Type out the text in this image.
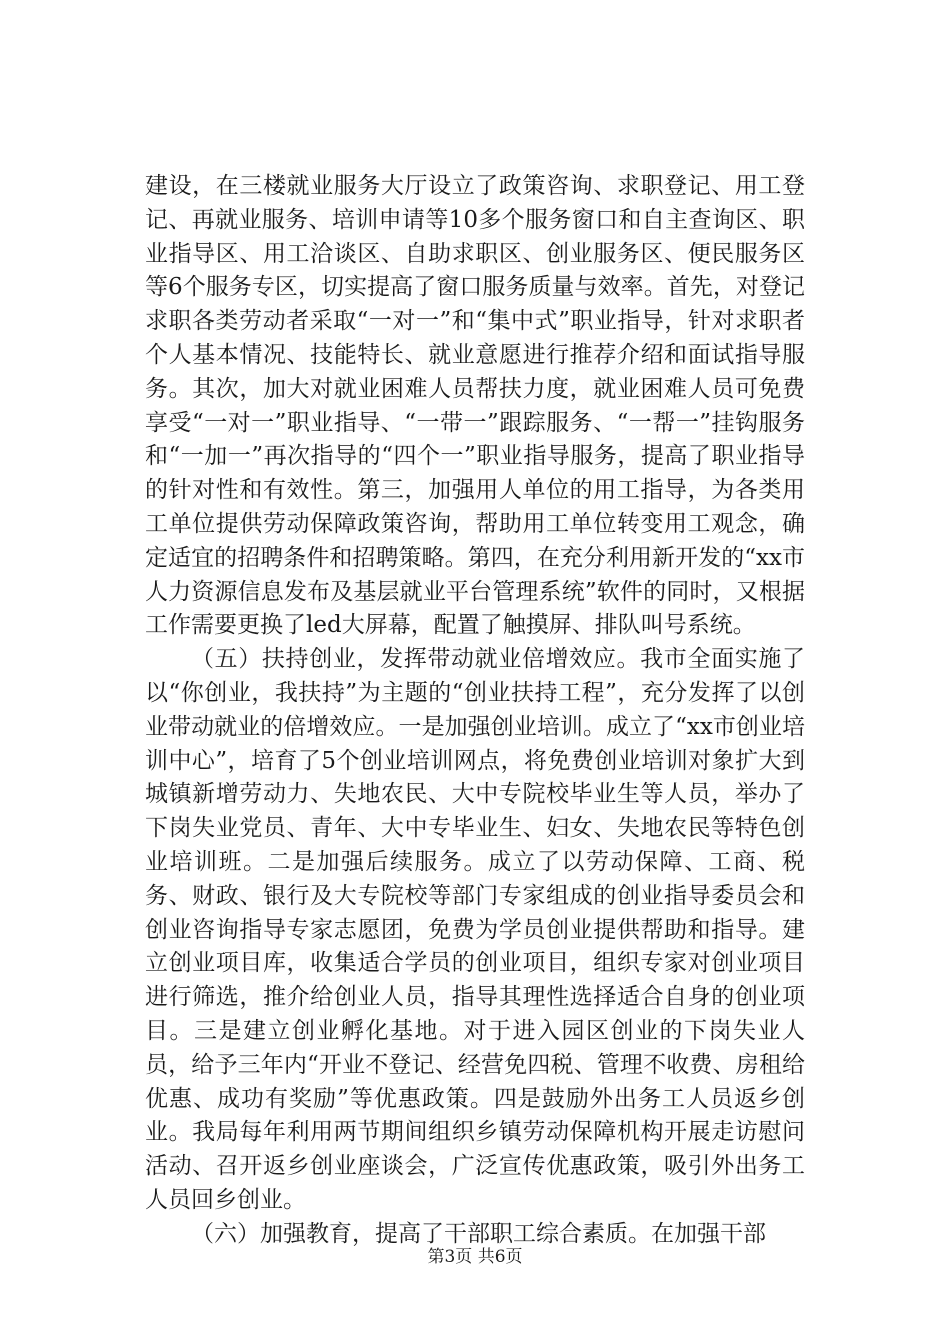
建设，在三楼就业服务大厅设立了政策咨询、求职登记、用工登记、再就业服务、培训申请等10多个服务窗口和自主查询区、职业指导区、用工洽谈区、自助求职区、创业服务区、便民服务区等6个服务专区，切实提高了窗口服务质量与效率。首先，对登记求职各类劳动者采取“一对一”和“集中式”职业指导，针对求职者个人基本情况、技能特长、就业意愿进行推荐介绍和面试指导服务。其次，加大对就业困难人员帮扶力度，就业困难人员可免费享受“一对一”职业指导、“一带一”跟踪服务、“一帮一”挂钩服务和“一加一”再次指导的“四个一”职业指导服务，提高了职业指导的针对性和有效性。第三，加强用人单位的用工指导，为各类用工单位提供劳动保障政策咨询，帮助用工单位转变用工观念，确定适宜的招聘条件和招聘策略。第四，在充分利用新开发的“xx市人力资源信息发布及基层就业平台管理系统”软件的同时，又根据工作需要更换了led大屏幕，配置了触摸屏、排队叫号系统。

（五）扶持创业，发挥带动就业倍增效应。我市全面实施了以“你创业，我扶持”为主题的“创业扶持工程”，充分发挥了以创业带动就业的倍增效应。一是加强创业培训。成立了“xx市创业培训中心”，培育了5个创业培训网点，将免费创业培训对象扩大到城镇新增劳动力、失地农民、大中专院校毕业生等人员，举办了下岗失业党员、青年、大中专毕业生、妇女、失地农民等特色创业培训班。二是加强后续服务。成立了以劳动保障、工商、税务、财政、银行及大专院校等部门专家组成的创业指导委员会和创业咨询指导专家志愿团，免费为学员创业提供帮助和指导。建立创业项目库，收集适合学员的创业项目，组织专家对创业项目进行筛选，推介给创业人员，指导其理性选择适合自身的创业项目。三是建立创业孵化基地。对于进入园区创业的下岗失业人员，给予三年内“开业不登记、经营免四税、管理不收费、房租给优惠、成功有奖励”等优惠政策。四是鼓励外出务工人员返乡创业。我局每年利用两节期间组织乡镇劳动保障机构开展走访慰问活动、召开返乡创业座谈会，广泛宣传优惠政策，吸引外出务工人员回乡创业。

（六）加强教育，提高了干部职工综合素质。在加强干部

第3页 共6页
